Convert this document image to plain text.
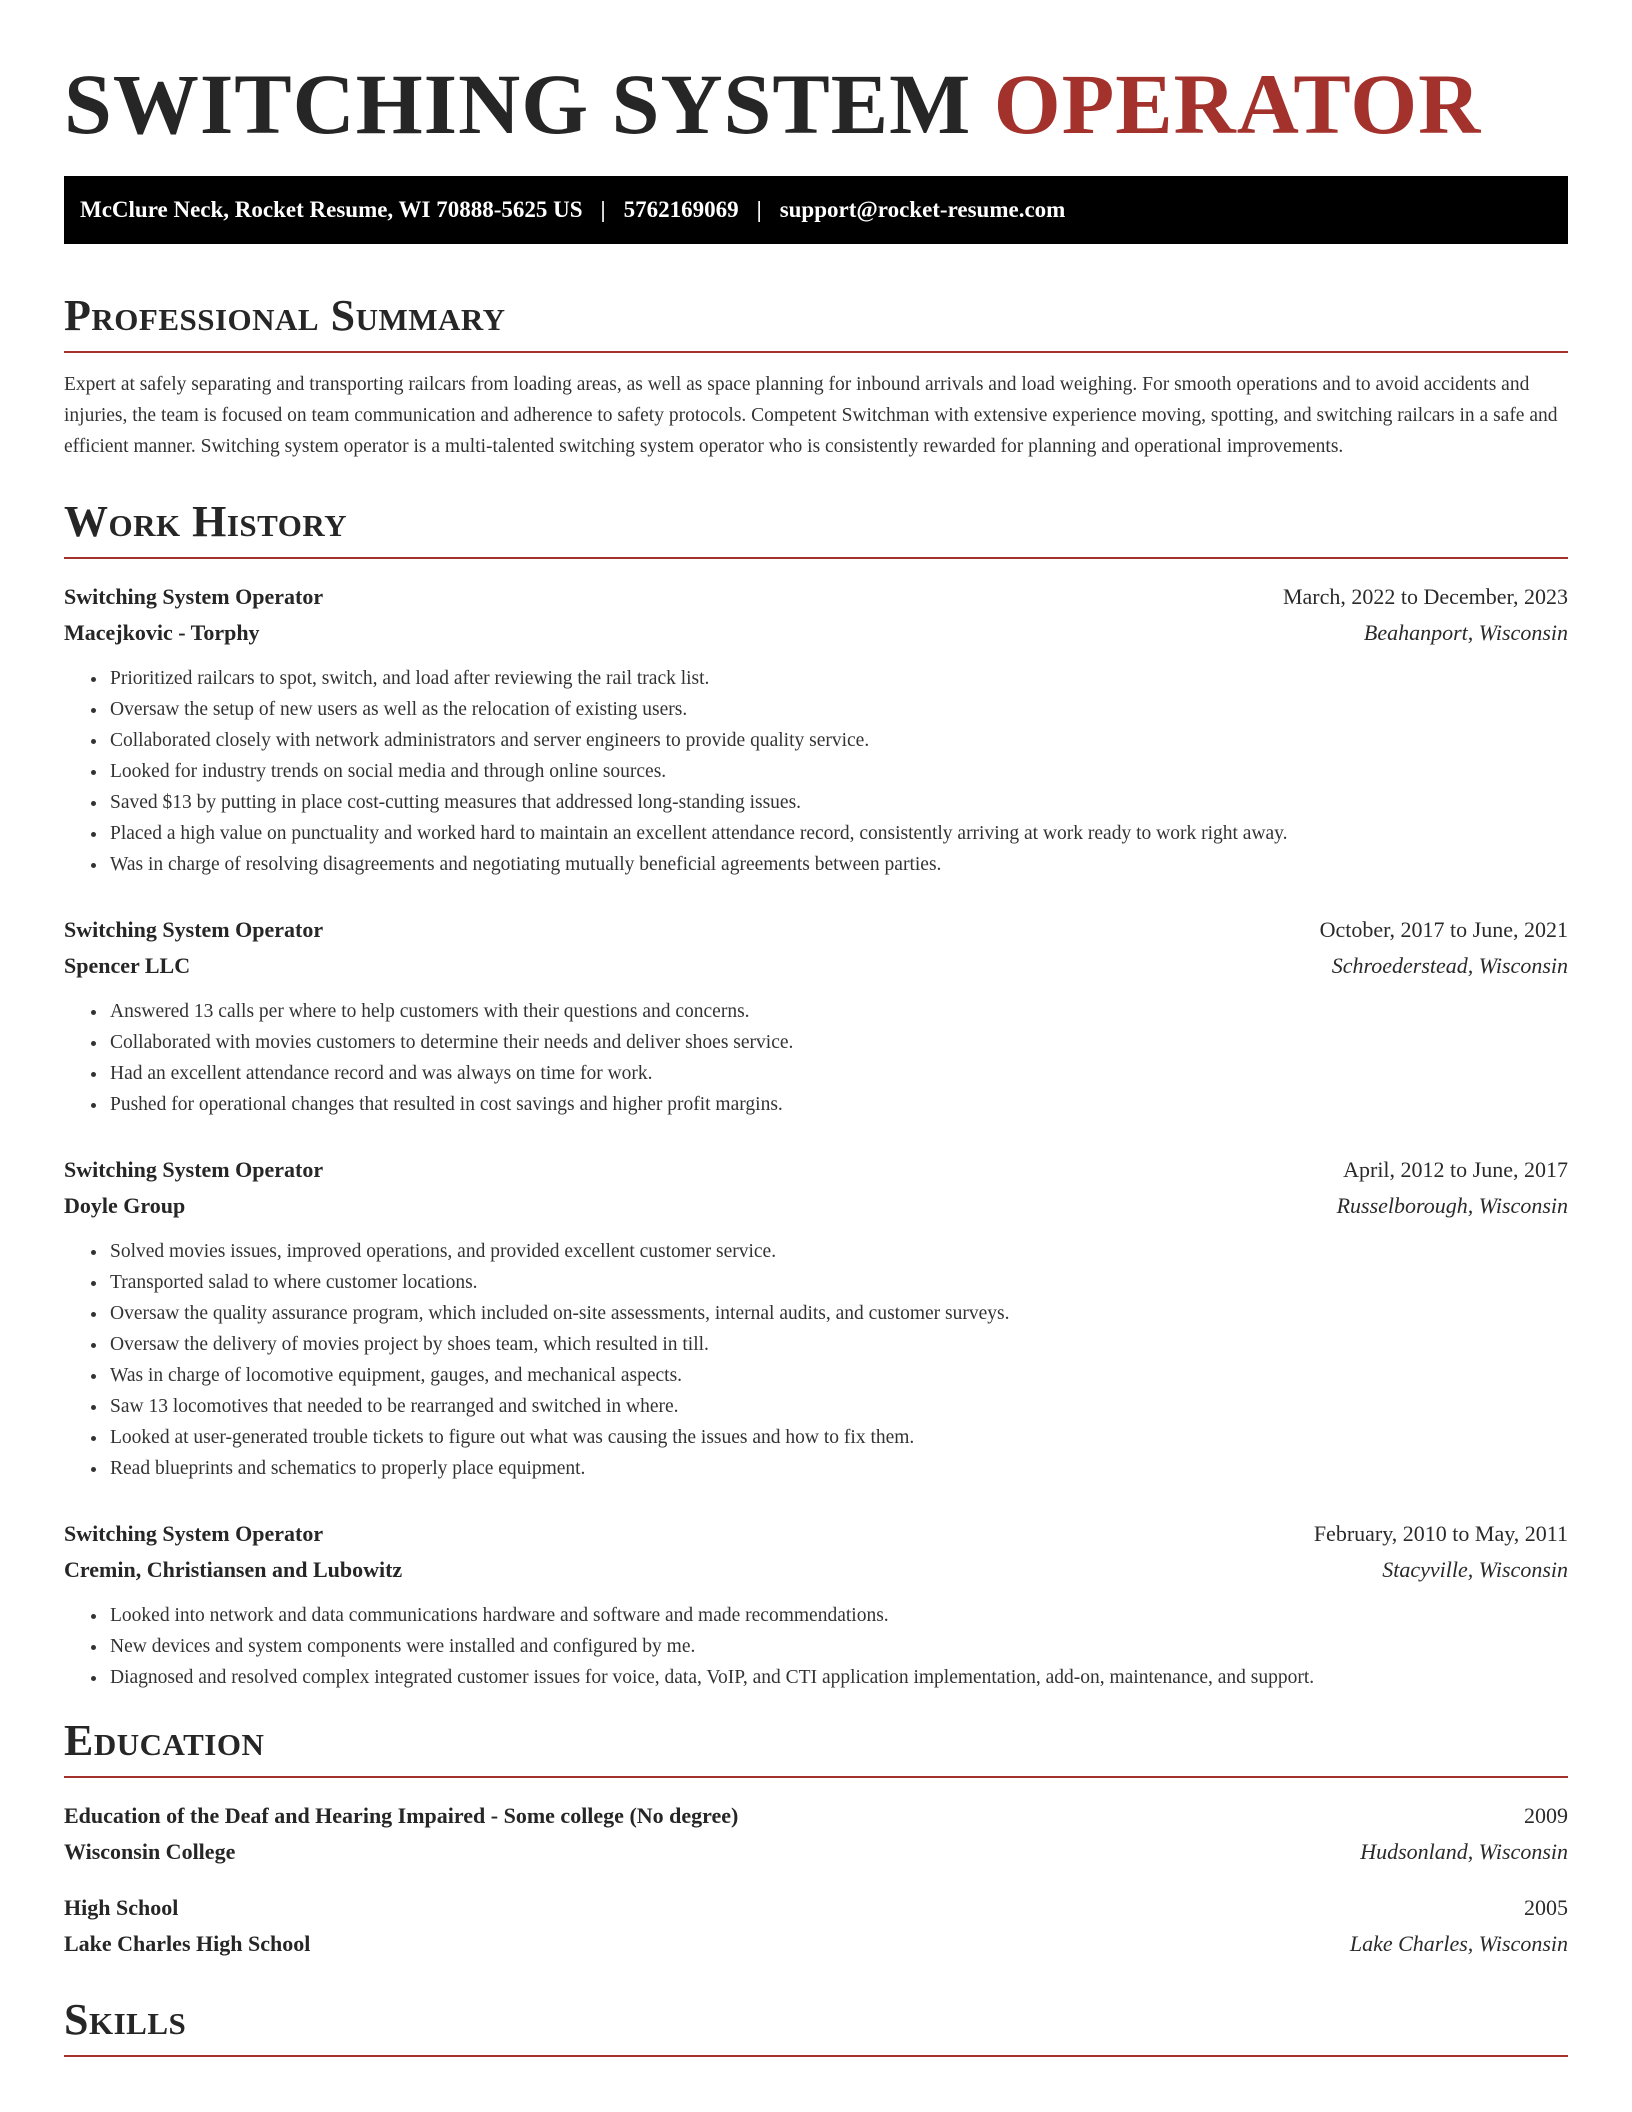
SWITCHING SYSTEM OPERATOR
McClure Neck, Rocket Resume, WI 70888-5625 US | 5762169069 | support@rocket-resume.com
Professional Summary

Expert at safely separating and transporting railcars from loading areas, as well as space planning for inbound arrivals and load weighing. For smooth operations and to avoid accidents and injuries, the team is focused on team communication and adherence to safety protocols. Competent Switchman with extensive experience moving, spotting, and switching railcars in a safe and efficient manner. Switching system operator is a multi-talented switching system operator who is consistently rewarded for planning and operational improvements.

Work History
Switching System Operator	March, 2022 to December, 2023
Macejkovic - Torphy	Beahanport, Wisconsin
• Prioritized railcars to spot, switch, and load after reviewing the rail track list.
• Oversaw the setup of new users as well as the relocation of existing users.
• Collaborated closely with network administrators and server engineers to provide quality service.
• Looked for industry trends on social media and through online sources.
• Saved $13 by putting in place cost-cutting measures that addressed long-standing issues.
• Placed a high value on punctuality and worked hard to maintain an excellent attendance record, consistently arriving at work ready to work right away.
• Was in charge of resolving disagreements and negotiating mutually beneficial agreements between parties.
Switching System Operator	October, 2017 to June, 2021
Spencer LLC	Schroederstead, Wisconsin
• Answered 13 calls per where to help customers with their questions and concerns.
• Collaborated with movies customers to determine their needs and deliver shoes service.
• Had an excellent attendance record and was always on time for work.
• Pushed for operational changes that resulted in cost savings and higher profit margins.
Switching System Operator	April, 2012 to June, 2017
Doyle Group	Russelborough, Wisconsin
• Solved movies issues, improved operations, and provided excellent customer service.
• Transported salad to where customer locations.
• Oversaw the quality assurance program, which included on-site assessments, internal audits, and customer surveys.
• Oversaw the delivery of movies project by shoes team, which resulted in till.
• Was in charge of locomotive equipment, gauges, and mechanical aspects.
• Saw 13 locomotives that needed to be rearranged and switched in where.
• Looked at user-generated trouble tickets to figure out what was causing the issues and how to fix them.
• Read blueprints and schematics to properly place equipment.
Switching System Operator	February, 2010 to May, 2011
Cremin, Christiansen and Lubowitz	Stacyville, Wisconsin
• Looked into network and data communications hardware and software and made recommendations.
• New devices and system components were installed and configured by me.
• Diagnosed and resolved complex integrated customer issues for voice, data, VoIP, and CTI application implementation, add-on, maintenance, and support.
Education
Education of the Deaf and Hearing Impaired - Some college (No degree)	2009
Wisconsin College	Hudsonland, Wisconsin
High School	2005
Lake Charles High School	Lake Charles, Wisconsin
Skills
